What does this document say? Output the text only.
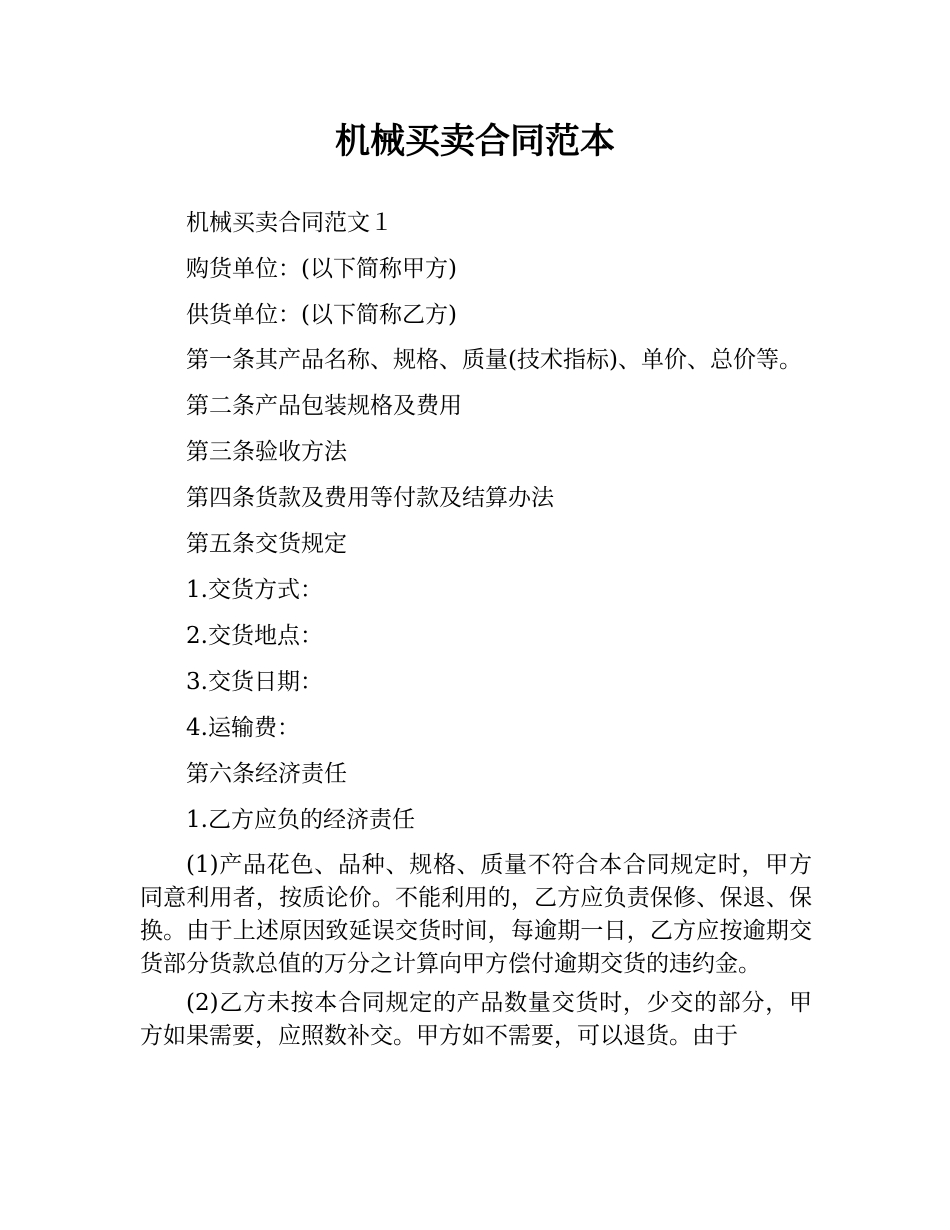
机械买卖合同范本

机械买卖合同范文１

购货单位：(以下简称甲方)

供货单位：(以下简称乙方)

第一条其产品名称、规格、质量(技术指标)、单价、总价等。

第二条产品包装规格及费用

第三条验收方法

第四条货款及费用等付款及结算办法

第五条交货规定

1.交货方式：

2.交货地点：

3.交货日期：

4.运输费：

第六条经济责任

1.乙方应负的经济责任

(1)产品花色、品种、规格、质量不符合本合同规定时，甲方同意利用者，按质论价。不能利用的，乙方应负责保修、保退、保换。由于上述原因致延误交货时间，每逾期一日，乙方应按逾期交货部分货款总值的万分之计算向甲方偿付逾期交货的违约金。

(2)乙方未按本合同规定的产品数量交货时，少交的部分，甲方如果需要，应照数补交。甲方如不需要，可以退货。由于
